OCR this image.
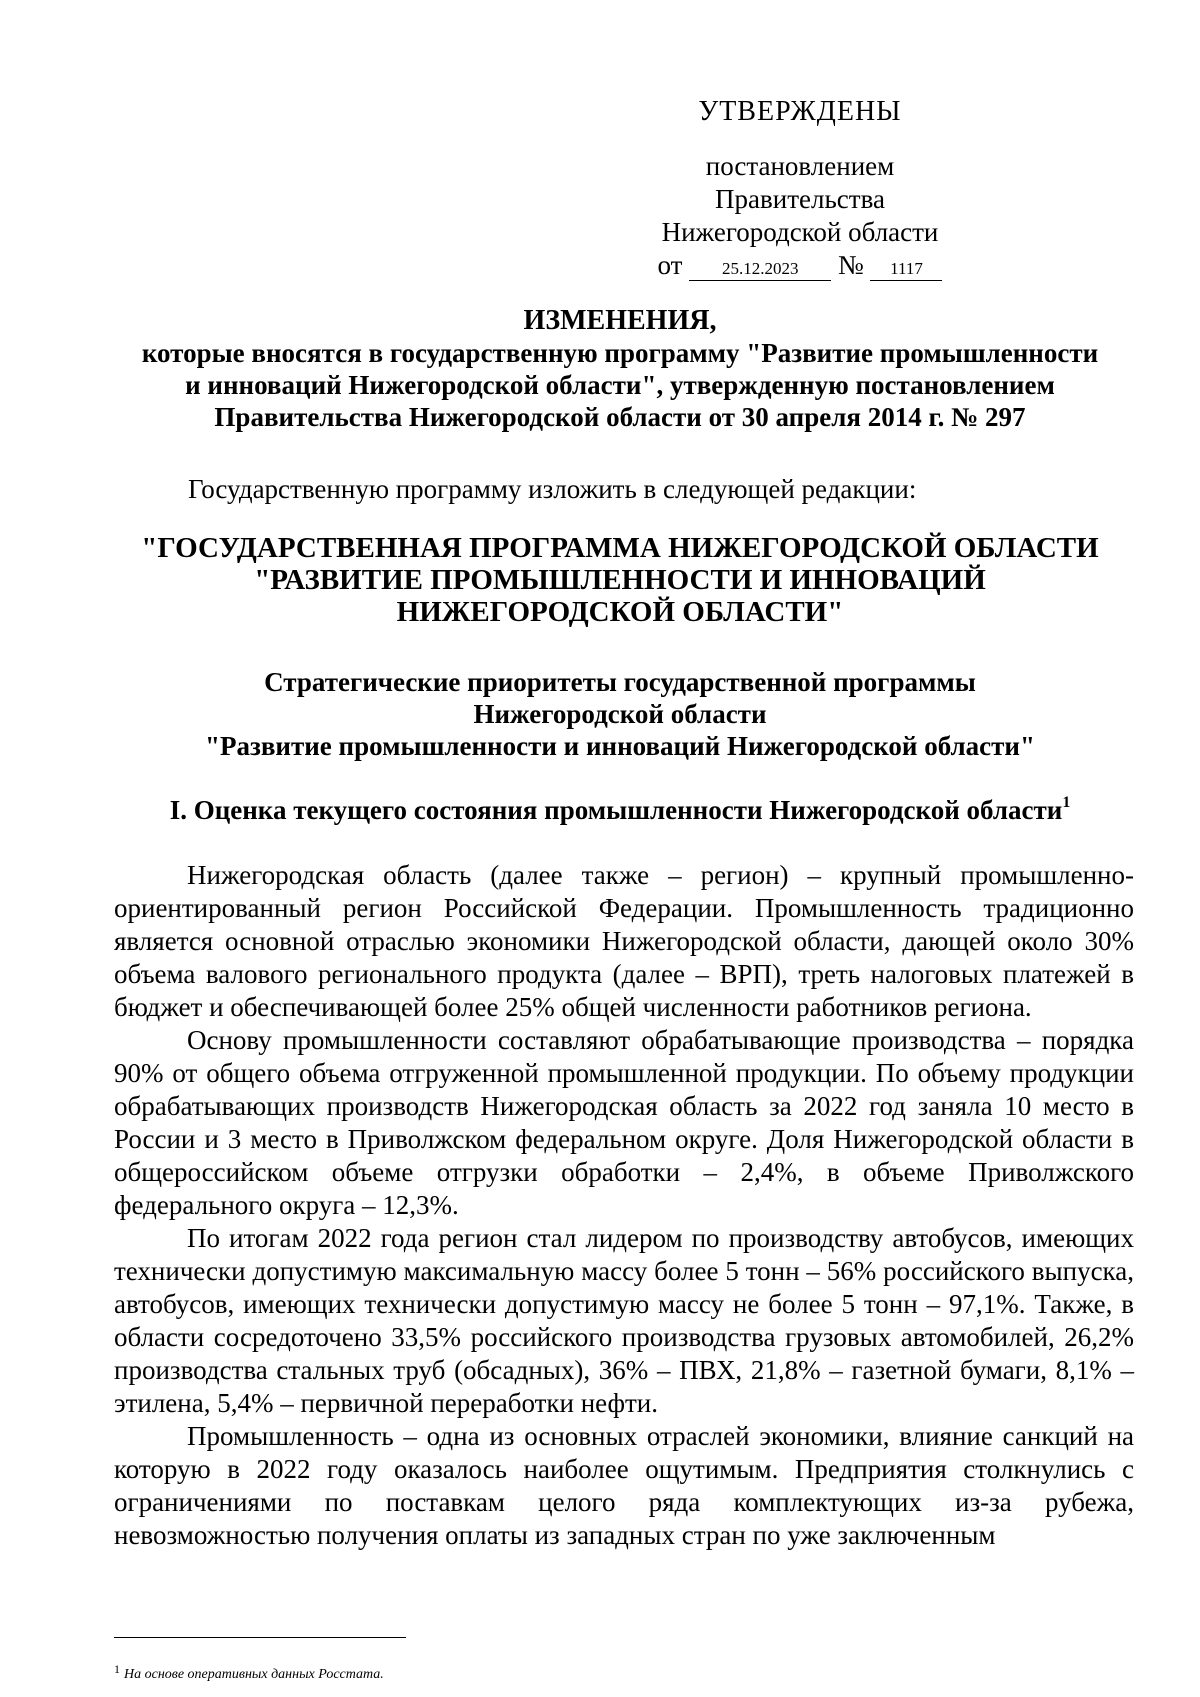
УТВЕРЖДЕНЫ
постановлением Правительства
Нижегородской области
от 25.12.2023 № 1117
ИЗМЕНЕНИЯ,
которые вносятся в государственную программу "Развитие промышленности
и инноваций Нижегородской области", утвержденную постановлением
Правительства Нижегородской области от 30 апреля 2014 г. № 297
Государственную программу изложить в следующей редакции:
"ГОСУДАРСТВЕННАЯ ПРОГРАММА НИЖЕГОРОДСКОЙ ОБЛАСТИ
"РАЗВИТИЕ ПРОМЫШЛЕННОСТИ И ИННОВАЦИЙ
НИЖЕГОРОДСКОЙ ОБЛАСТИ"
Стратегические приоритеты государственной программы
Нижегородской области
"Развитие промышленности и инноваций Нижегородской области"
I. Оценка текущего состояния промышленности Нижегородской области$^1$

Нижегородская область (далее также – регион) – крупный промышленно-ориентированный регион Российской Федерации. Промышленность традиционно является основной отраслью экономики Нижегородской области, дающей около 30% объема валового регионального продукта (далее – ВРП), треть налоговых платежей в бюджет и обеспечивающей более 25% общей численности работников региона.

Основу промышленности составляют обрабатывающие производства – порядка 90% от общего объема отгруженной промышленной продукции. По объему продукции обрабатывающих производств Нижегородская область за 2022 год заняла 10 место в России и 3 место в Приволжском федеральном округе. Доля Нижегородской области в общероссийском объеме отгрузки обработки – 2,4%, в объеме Приволжского федерального округа – 12,3%.

По итогам 2022 года регион стал лидером по производству автобусов, имеющих технически допустимую максимальную массу более 5 тонн – 56% российского выпуска, автобусов, имеющих технически допустимую массу не более 5 тонн – 97,1%. Также, в области сосредоточено 33,5% российского производства грузовых автомобилей, 26,2% производства стальных труб (обсадных), 36% – ПВХ, 21,8% – газетной бумаги, 8,1% – этилена, 5,4% – первичной переработки нефти.

Промышленность – одна из основных отраслей экономики, влияние санкций на которую в 2022 году оказалось наиболее ощутимым. Предприятия столкнулись с ограничениями по поставкам целого ряда комплектующих из-за рубежа, невозможностью получения оплаты из западных стран по уже заключенным

1 На основе оперативных данных Росстата.
